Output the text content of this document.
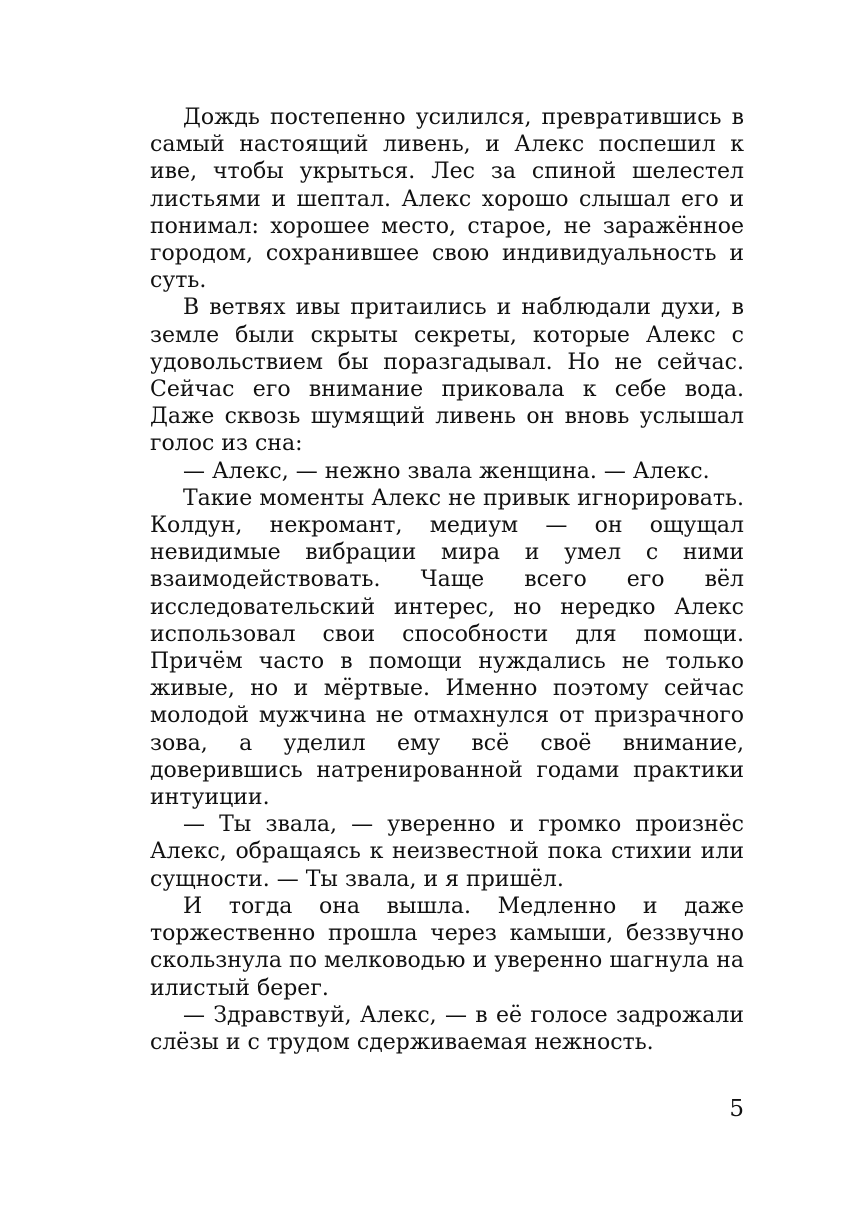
Дождь постепенно усилился, превратившись в самый настоящий ливень, и Алекс поспешил к иве, чтобы укрыться. Лес за спиной шелестел листьями и шептал. Алекс хорошо слышал его и понимал: хорошее место, старое, не заражённое городом, сохранившее свою индивидуальность и суть.

В ветвях ивы притаились и наблюдали духи, в земле были скрыты секреты, которые Алекс с удовольствием бы поразгадывал. Но не сейчас. Сейчас его внимание приковала к себе вода. Даже сквозь шумящий ливень он вновь услышал голос из сна:

— Алекс, — нежно звала женщина. — Алекс.

Такие моменты Алекс не привык игнорировать. Колдун, некромант, медиум — он ощущал невидимые вибрации мира и умел с ними взаимодействовать. Чаще всего его вёл исследовательский интерес, но нередко Алекс использовал свои способности для помощи. Причём часто в помощи нуждались не только живые, но и мёртвые. Именно поэтому сейчас молодой мужчина не отмахнулся от призрачного зова, а уделил ему всё своё внимание, доверившись натренированной годами практики интуиции.

— Ты звала, — уверенно и громко произнёс Алекс, обращаясь к неизвестной пока стихии или сущности. — Ты звала, и я пришёл.

И тогда она вышла. Медленно и даже торжественно прошла через камыши, беззвучно скользнула по мелководью и уверенно шагнула на илистый берег.

— Здравствуй, Алекс, — в её голосе задрожали слёзы и с трудом сдерживаемая нежность.

5
